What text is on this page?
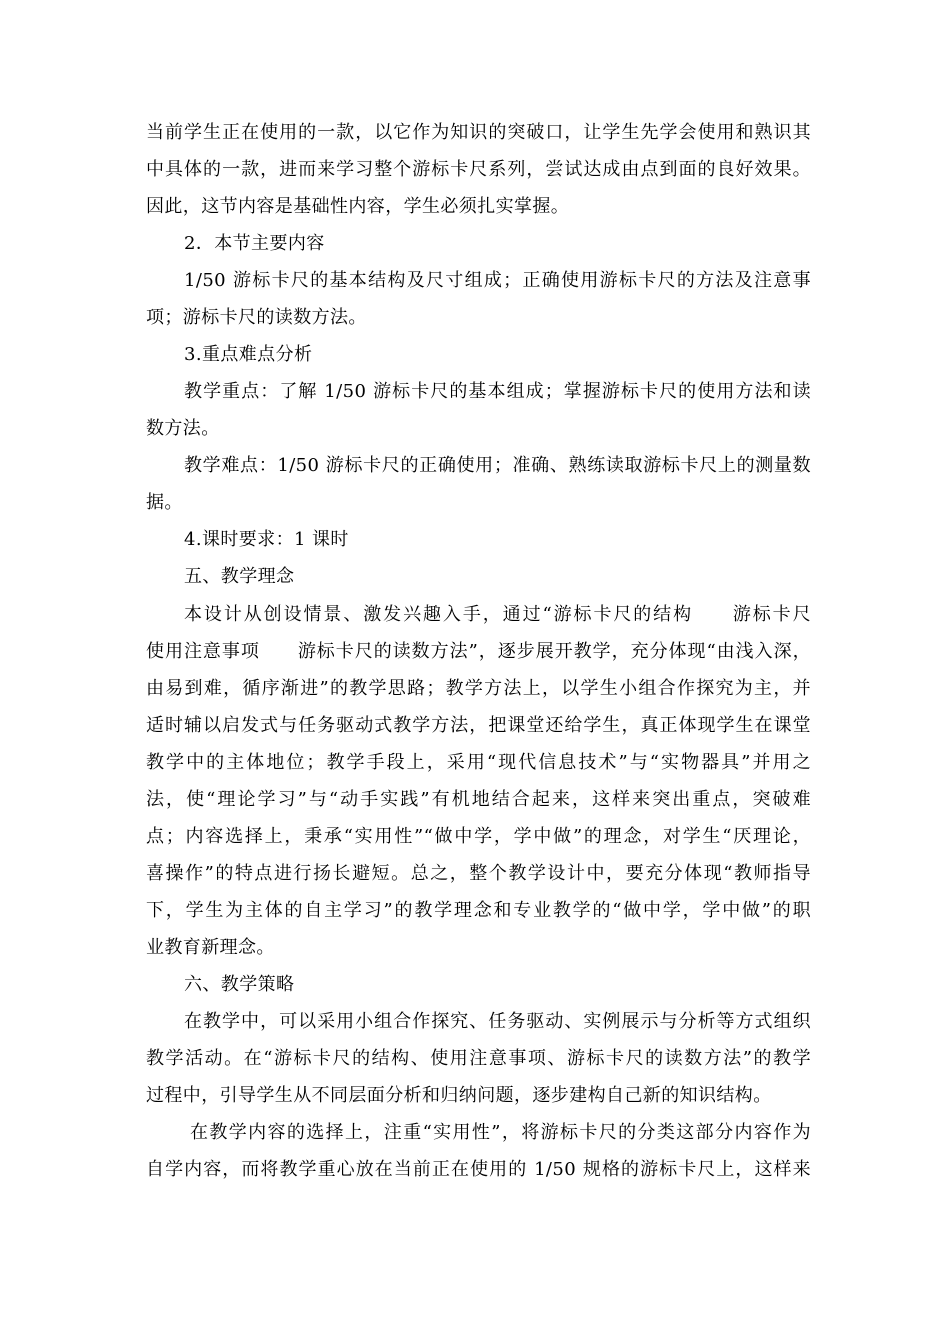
当前学生正在使用的一款，以它作为知识的突破口，让学生先学会使用和熟识其
中具体的一款，进而来学习整个游标卡尺系列，尝试达成由点到面的良好效果。
因此，这节内容是基础性内容，学生必须扎实掌握。
2．本节主要内容
1/50 游标卡尺的基本结构及尺寸组成；正确使用游标卡尺的方法及注意事
项；游标卡尺的读数方法。
3.重点难点分析
教学重点：了解 1/50 游标卡尺的基本组成；掌握游标卡尺的使用方法和读
数方法。
教学难点：1/50 游标卡尺的正确使用；准确、熟练读取游标卡尺上的测量数
据。
4.课时要求：1 课时
五、教学理念
本设计从创设情景、激发兴趣入手，通过“游标卡尺的结构　　游标卡尺
使用注意事项　　游标卡尺的读数方法”，逐步展开教学，充分体现“由浅入深，
由易到难，循序渐进”的教学思路；教学方法上，以学生小组合作探究为主，并
适时辅以启发式与任务驱动式教学方法，把课堂还给学生，真正体现学生在课堂
教学中的主体地位；教学手段上，采用“现代信息技术”与“实物器具”并用之
法，使“理论学习”与“动手实践”有机地结合起来，这样来突出重点，突破难
点；内容选择上，秉承“实用性”“做中学，学中做”的理念，对学生“厌理论，
喜操作”的特点进行扬长避短。总之，整个教学设计中，要充分体现“教师指导
下，学生为主体的自主学习”的教学理念和专业教学的“做中学，学中做”的职
业教育新理念。
六、教学策略
在教学中，可以采用小组合作探究、任务驱动、实例展示与分析等方式组织
教学活动。在“游标卡尺的结构、使用注意事项、游标卡尺的读数方法”的教学
过程中，引导学生从不同层面分析和归纳问题，逐步建构自己新的知识结构。
在教学内容的选择上，注重“实用性”，将游标卡尺的分类这部分内容作为
自学内容，而将教学重心放在当前正在使用的 1/50 规格的游标卡尺上，这样来
